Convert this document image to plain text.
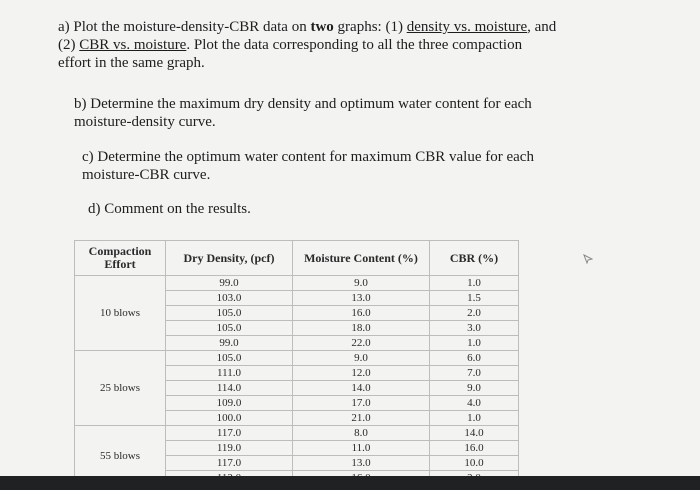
a) Plot the moisture-density-CBR data on two graphs: (1) density vs. moisture, and (2) CBR vs. moisture. Plot the data corresponding to all the three compaction effort in the same graph.
b) Determine the maximum dry density and optimum water content for each moisture-density curve.
c) Determine the optimum water content for maximum CBR value for each moisture-CBR curve.
d) Comment on the results.
Compaction Effort	Dry Density, (pcf)	Moisture Content (%)	CBR (%)
10 blows	99.0	9.0	1.0
	103.0	13.0	1.5
	105.0	16.0	2.0
	105.0	18.0	3.0
	99.0	22.0	1.0
25 blows	105.0	9.0	6.0
	111.0	12.0	7.0
	114.0	14.0	9.0
	109.0	17.0	4.0
	100.0	21.0	1.0
55 blows	117.0	8.0	14.0
	119.0	11.0	16.0
	117.0	13.0	10.0
